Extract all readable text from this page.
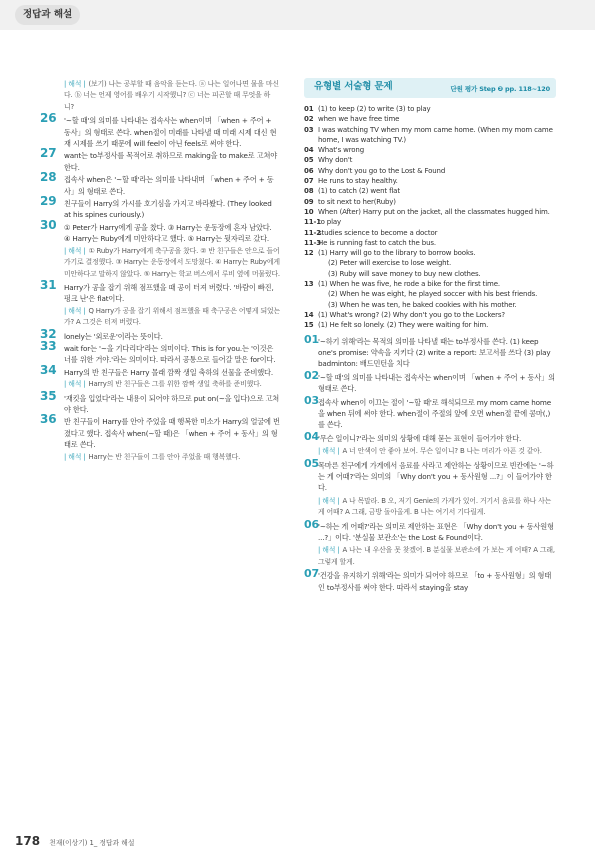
정답과 해설
| 해석 | (보기) 나는 공부할 때 음악을 듣는다. ⓐ 나는 일어나면 물을 마신다. ⓑ 너는 언제 영어를 배우기 시작했니? ⓒ 너는 피곤할 때 무엇을 하니?
26 '~할 때'의 의미를 나타내는 접속사는 when이며 「when + 주어 + 동사」의 형태로 쓴다. when절이 미래를 나타낼 때 미래 시제 대신 현재 시제를 쓰기 때문에 will feel이 아닌 feels로 써야 한다.
27 want는 to부정사를 목적어로 취하므로 making을 to make로 고쳐야 한다.
28 접속사 when은 '~할 때'라는 의미를 나타내며 「when + 주어 + 동사」의 형태로 쓴다.
29 친구들이 Harry의 가시를 호기심을 가지고 바라봤다. (They looked at his spines curiously.)
30 ① Peter가 Harry에게 공을 찼다. ③ Harry는 운동장에 혼자 남았다. ④ Harry는 Ruby에게 미안하다고 했다. ⑤ Harry는 뒷자리로 갔다.
| 해석 | ① Ruby가 Harry에게 축구공을 찼다. ② 반 친구들은 안으로 들어가기로 결정했다. ③ Harry는 운동장에서 도망쳤다. ④ Harry는 Ruby에게 미안하다고 말하지 않았다. ⑤ Harry는 학교 버스에서 루비 옆에 머물렀다.
31 Harry가 공을 잡기 위해 점프했을 때 공이 터져 버렸다. '바람이 빠진, 펑크 난'은 flat이다.
| 해석 | Q Harry가 공을 잡기 위해서 점프했을 때 축구공은 어떻게 되었는가? A 그것은 터져 버렸다.
32 lonely는 '외로운'이라는 뜻이다.
33 wait for는 '~을 기다리다'라는 의미이다. This is for you.는 '이것은 너를 위한 거야.'라는 의미이다. 따라서 공통으로 들어갈 말은 for이다.
34 Harry의 반 친구들은 Harry 몰래 깜짝 생일 축하의 선물을 준비했다.
| 해석 | Harry의 반 친구들은 그를 위한 깜짝 생일 축하를 준비했다.
35 '재킷을 입었다'라는 내용이 되어야 하므로 put on(~을 입다)으로 고쳐야 한다.
36 반 친구들이 Harry를 안아 주었을 때 행복한 미소가 Harry의 얼굴에 번졌다고 했다. 접속사 when(~할 때)은 「when + 주어 + 동사」의 형태로 쓴다.
| 해석 | Harry는 반 친구들이 그를 안아 주었을 때 행복했다.
유형별 서술형 문제	단원 평가 Step ❷ pp. 118~120
01 (1) to keep (2) to write (3) to play
02 when we have free time
03 I was watching TV when my mom came home. (When my mom came home, I was watching TV.)
04 What's wrong
05 Why don't
06 Why don't you go to the Lost & Found
07 He runs to stay healthy.
08 (1) to catch (2) went flat
09 to sit next to her(Ruby)
10 When (After) Harry put on the jacket, all the classmates hugged him.
11-1
to play
11-2
studies science to become a doctor
11-3
He is running fast to catch the bus.
12 (1) Harry will go to the library to borrow books.
(2) Peter will exercise to lose weight.
(3) Ruby will save money to buy new clothes.
13 (1) When he was five, he rode a bike for the first time.
(2) When he was eight, he played soccer with his best friends.
(3) When he was ten, he baked cookies with his mother.
14 (1) What's wrong? (2) Why don't you go to the Lockers?
15 (1) He felt so lonely. (2) They were waiting for him.
01
'~하기 위해'라는 목적의 의미를 나타낼 때는 to부정사를 쓴다. (1) keep one's promise: 약속을 지키다 (2) write a report: 보고서를 쓰다 (3) play badminton: 배드민턴을 치다
02
'~할 때'의 의미를 나타내는 접속사는 when이며 「when + 주어 + 동사」의 형태로 쓴다.
03
접속사 when이 이끄는 절이 '~할 때'로 해석되므로 my mom came home을 when 뒤에 써야 한다. when절이 주절의 앞에 오면 when절 끝에 콤마(,)를 쓴다.
04
'무슨 일이니?'라는 의미의 상황에 대해 묻는 표현이 들어가야 한다.
| 해석 | A 너 안색이 안 좋아 보여. 무슨 일이니? B 나는 머리가 아픈 것 같아.
05
목마른 친구에게 가게에서 음료를 사라고 제안하는 상황이므로 빈칸에는 '~하는 게 어때?'라는 의미의 「Why don't you + 동사원형 ...?」이 들어가야 한다.
| 해석 | A 나 목말라. B 오, 저기 Genie의 가게가 있어. 거기서 음료를 하나 사는 게 어때? A 그래, 금방 돌아올게. B 나는 여기서 기다릴게.
06
'~하는 게 어때?'라는 의미로 제안하는 표현은 「Why don't you + 동사원형 ...?」이다. '분실물 보관소'는 the Lost & Found이다.
| 해석 | A 나는 내 우산을 못 찾겠어. B 분실물 보관소에 가 보는 게 어때? A 그래, 그렇게 할게.
07
'건강을 유지하기 위해'라는 의미가 되어야 하므로 「to + 동사원형」의 형태인 to부정사를 써야 한다. 따라서 staying을 stay
178 천재(이상기) 1_ 정답과 해설
